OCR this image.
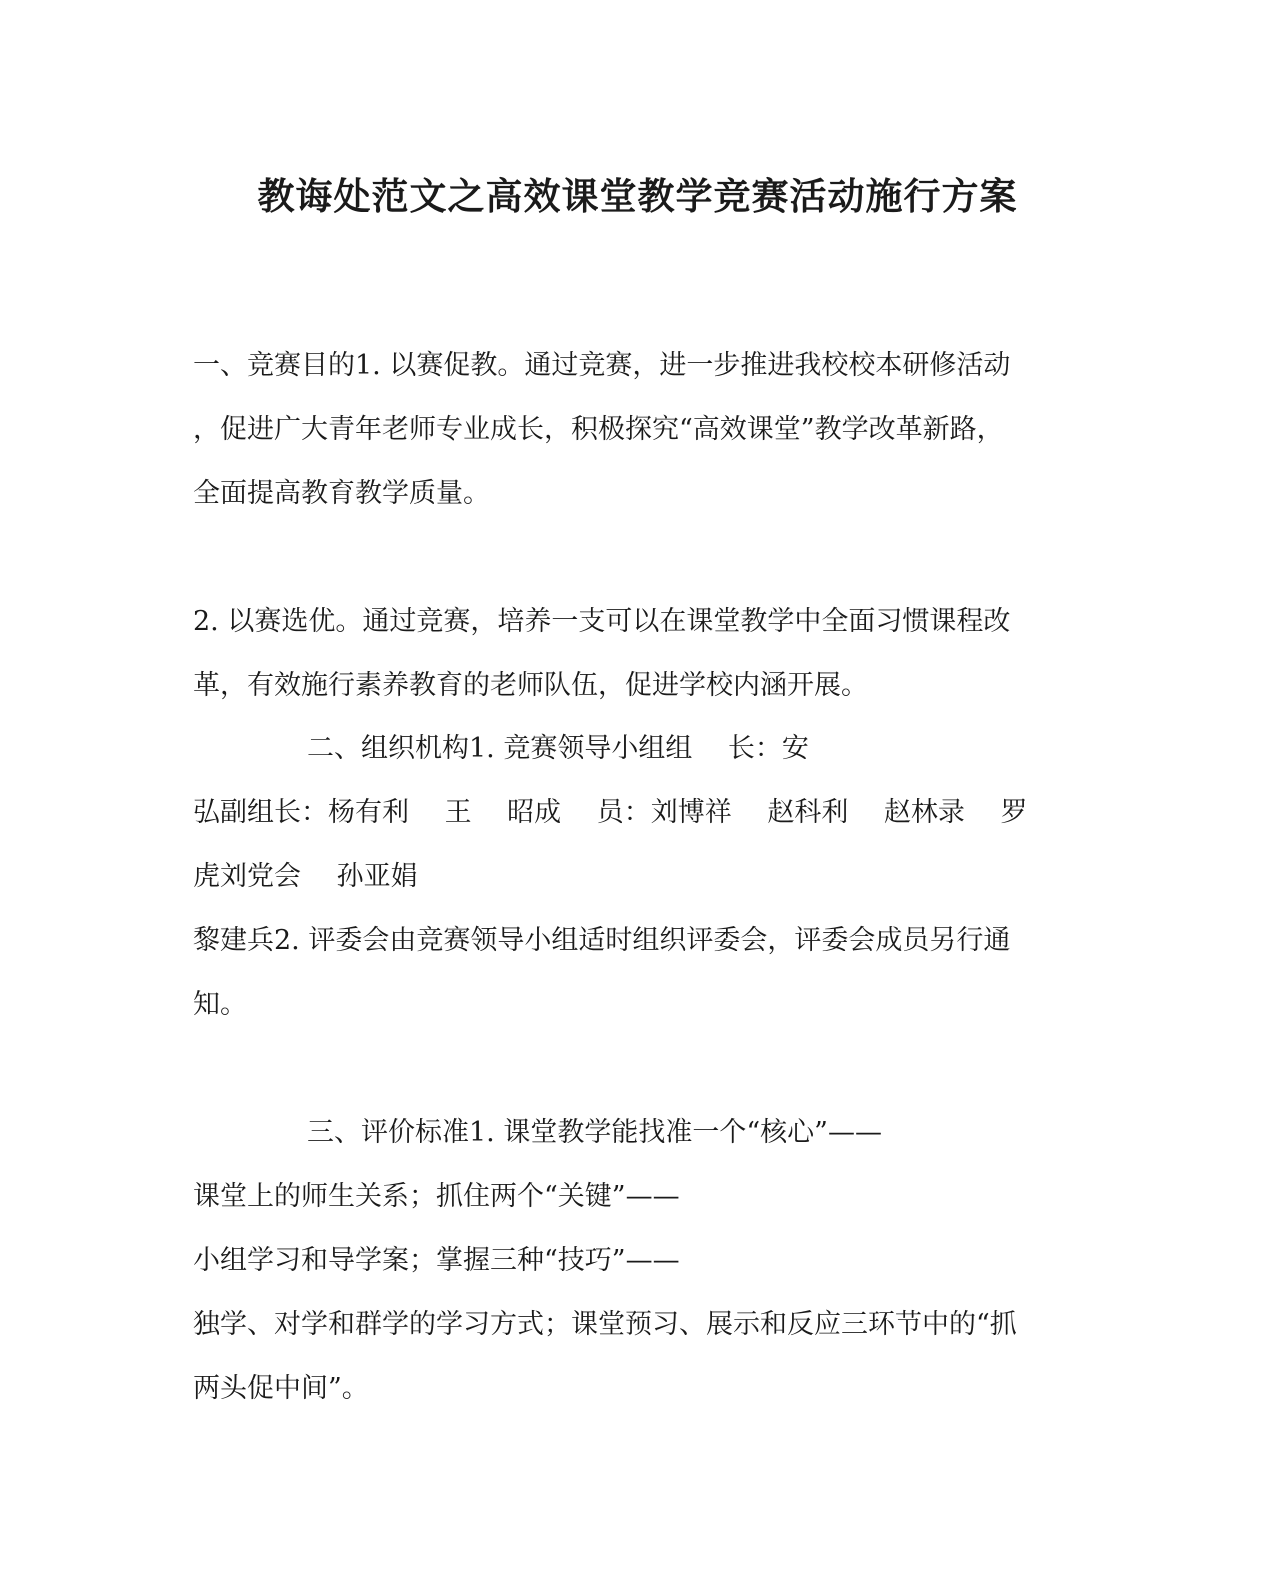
教诲处范文之高效课堂教学竞赛活动施行方案
一、竞赛目的1. 以赛促教。通过竞赛，进一步推进我校校本研修活动
，促进广大青年老师专业成长，积极探究“高效课堂”教学改革新路，
全面提高教育教学质量。
2. 以赛选优。通过竞赛，培养一支可以在课堂教学中全面习惯课程改
革，有效施行素养教育的老师队伍，促进学校内涵开展。
二、组织机构1. 竞赛领导小组组　 长：安
弘副组长：杨有利　 王　 昭成　 员：刘博祥　 赵科利　 赵林录　 罗
虎刘党会　 孙亚娟
黎建兵2. 评委会由竞赛领导小组适时组织评委会，评委会成员另行通
知。
三、评价标准1. 课堂教学能找准一个“核心”——
课堂上的师生关系；抓住两个“关键”——
小组学习和导学案；掌握三种“技巧”——
独学、对学和群学的学习方式；课堂预习、展示和反应三环节中的“抓
两头促中间”。
